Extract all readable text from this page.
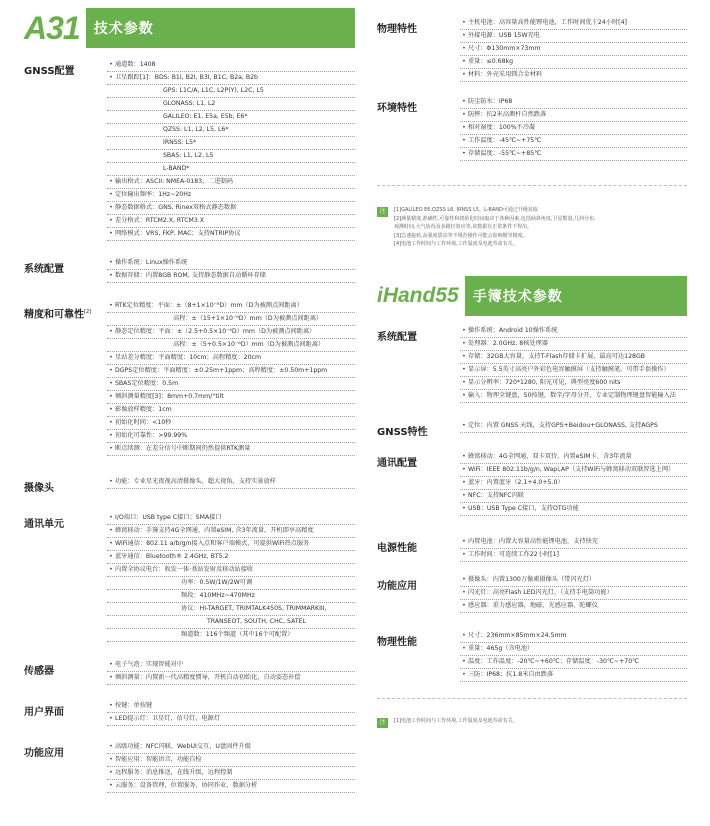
A31	技术参数
GNSS配置
• 通道数：1408
• 卫星跟踪[1]：BDS: B1I, B2I, B3I, B1C, B2a, B2b
GPS: L1C/A, L1C, L2P(Y), L2C, L5
GLONASS: L1, L2
GALILEO: E1, E5a, E5b, E6*
QZSS: L1, L2, L5, L6*
IRNSS: L5*
SBAS: L1, L2, L5
L-BAND*
• 输出格式：ASCII: NMEA-0183，二进制码
• 定位输出频率：1Hz~20Hz
• 静态数据格式：GNS, Rinex双格式静态数据
• 差分格式：RTCM2.X, RTCM3.X
• 网络模式：VRS, FKP, MAC；支持NTRIP协议
系统配置
• 操作系统：Linux操作系统
• 数据存储：内置8GB ROM, 支持静态数据自动循环存储
精度和可靠性[2]
• RTK定位精度：平面：±（8+1×10⁻⁶D）mm（D为被测点间距离）
高程：±（15+1×10⁻⁶D）mm（D为被测点间距离）
• 静态定位精度：平面：±（2.5+0.5×10⁻⁶D）mm（D为被测点间距离）
高程：±（5+0.5×10⁻⁶D）mm（D为被测点间距离）
• 星站差分精度：平面精度：10cm；高程精度：20cm
• DGPS定位精度：平面精度：±0.25m+1ppm；高程精度：±0.50m+1ppm
• SBAS定位精度：0.5m
• 倾斜测量精度[3]：8mm+0.7mm/°tilt
• 影像放样精度：1cm
• 初始化时间：<10秒
• 初始化可靠性：>99.99%
• 断点续测：在差分信号中断期间仍然提供RTK测量
摄像头
• 功能：专业星光夜视高清摄像头，超大视角，支持实景放样
通讯单元
• I/O端口：USB type C接口；SMA接口
• 蜂窝移动：手簿支持4G全网通，内置eSIM, 含3年流量，开机即享高精度
• WiFi通信：802.11 a/b/g/n接入点和客户端模式，可提供WiFi热点服务
• 蓝牙通信：Bluetooth® 2.4GHz, BT5.2
• 内置全协议电台：收发一体·基站发射及移动站接收
功率：0.5W/1W/2W可调
频段：410MHz~470MHz
协议：HI-TARGET, TRIMTALK450S, TRIMMARKIII,
TRANSEOT, SOUTH, CHC, SATEL
频道数：116个频道（其中16个可配置）
传感器
• 电子气泡：实现智能对中
• 倾斜测量：内置新一代高精度惯导，开机自动初始化，自动姿态补偿
用户界面
• 按键：单按键
• LED提示灯：卫星灯，信号灯，电源灯
功能应用
• 高级功能：NFC闪联，WebUI交互，U盘固件升级
• 智能应用：智能语音，功能自检
• 远程服务：消息推送，在线升级，远程控制
• 云服务：设备管理，位置服务，协同作业，数据分析
物理特性
• 主机电池：高容量高性能锂电池，工作时间优于24小时[4]
• 外接电源：USB 15W充电
• 尺寸：Φ130mm×73mm
• 重量：≤0.68kg
• 材料：外壳采用镁合金材料
环境特性
• 防尘防水：IP68
• 防摔：抗2米高测杆自然跌落
• 相对湿度：100%不冷凝
• 工作温度：-45℃~+75℃
• 存储温度：-55℃~+85℃
注	[1]GALILEO E6,QZSS L6, IRNSS L5，L-BAND可通过升级获取
[2]测量精度,准确性,可靠性和初始化时间取决于各种因素,包括倾斜角度,卫星数量,几何分布,
观测时间,大气状况及多路径效应等,该数据在正常条件下得出。
[3]急速旋转,高强度震动等不规范操作可能会影响惯导精度。
[4]电池工作时间与工作环境,工作温度及电池寿命有关。
iHand55	手簿技术参数
系统配置
• 操作系统：Android 10操作系统
• 处理器：2.0GHz, 8核处理器
• 存储：32GB大容量，支持T-Flash存储卡扩展，最高可达128GB
• 显示屏：5.5英寸高亮户外彩色电容触摸屏（支持触摸笔，可带手套操作）
• 显示分辨率：720*1280, 阳光可见，典型亮度600 nits
• 输入：物理全键盘，50按键，数字/字母分开，专业定制物理键盘智能输入法
GNSS特性
• 定位：内置 GNSS 天线，支持GPS+Beidou+GLONASS, 支持AGPS
通讯配置
• 蜂窝移动：4G全网通，双卡双待，内置eSIM卡，含3年流量
• WiFi：IEEE 802.11b/g/n, Wapi,AP（支持WiFi与蜂窝移动双联智选上网）
• 蓝牙：内置蓝牙（2.1+4.0+5.0）
• NFC：支持NFC闪联
• USB：USB Type C接口，支持OTG功能
电源性能
• 内置电池：内置大容量高性能锂电池，支持快充
• 工作时间：可连续工作22小时[1]
功能应用
• 摄像头：内置1300万像素摄像头（带闪光灯）
• 闪光灯：高亮Flash LED闪光灯，（支持手电筒功能）
• 感应器：重力感应器，地磁，光感应器，陀螺仪
物理性能
• 尺寸：236mm×85mm×24.5mm
• 重量：465g（含电池）
• 温度：工作温度：-20℃~+60℃；存储温度：-30℃~+70℃
• 三防：IP68；抗1.8米自由跌落
注	[1]电池工作时间与工作环境,工作温度及电池寿命有关。
